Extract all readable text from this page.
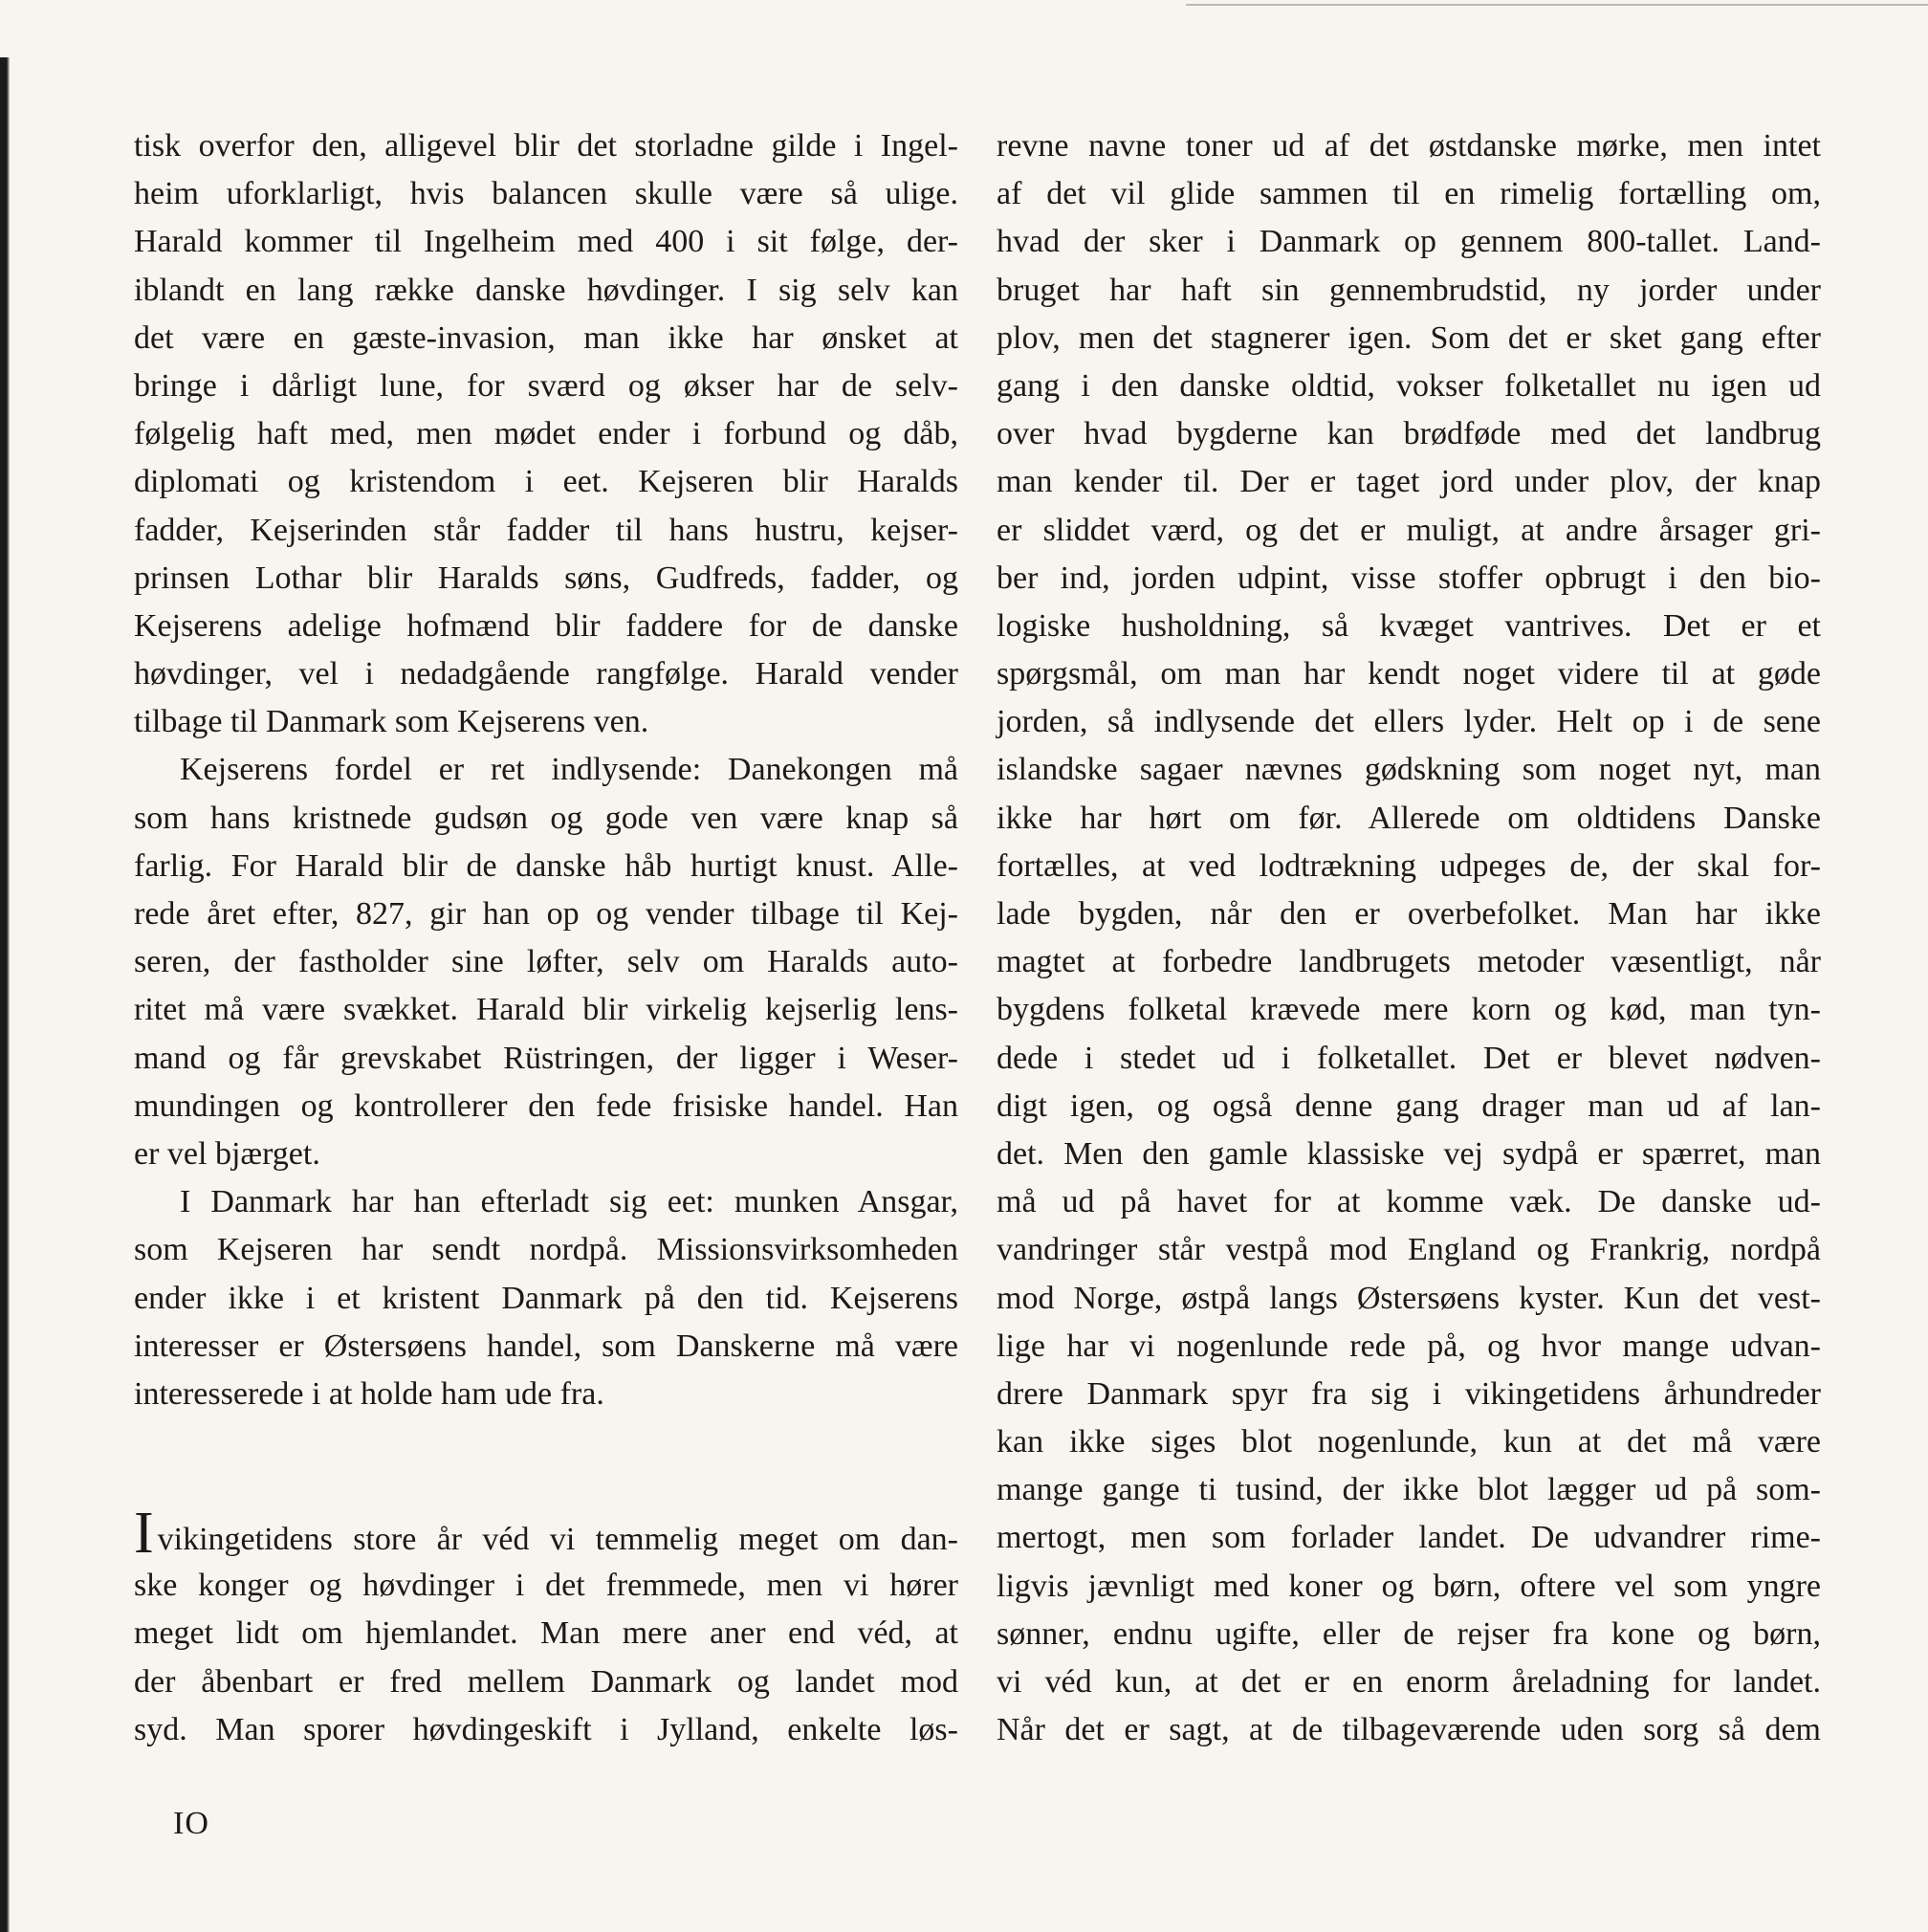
tisk overfor den, alligevel blir det storladne gilde i Ingel-
heim uforklarligt, hvis balancen skulle være så ulige.
Harald kommer til Ingelheim med 400 i sit følge, der-
iblandt en lang række danske høvdinger. I sig selv kan
det være en gæste-invasion, man ikke har ønsket at
bringe i dårligt lune, for sværd og økser har de selv-
følgelig haft med, men mødet ender i forbund og dåb,
diplomati og kristendom i eet. Kejseren blir Haralds
fadder, Kejserinden står fadder til hans hustru, kejser-
prinsen Lothar blir Haralds søns, Gudfreds, fadder, og
Kejserens adelige hofmænd blir faddere for de danske
høvdinger, vel i nedadgående rangfølge. Harald vender
tilbage til Danmark som Kejserens ven.
Kejserens fordel er ret indlysende: Danekongen må
som hans kristnede gudsøn og gode ven være knap så
farlig. For Harald blir de danske håb hurtigt knust. Alle-
rede året efter, 827, gir han op og vender tilbage til Kej-
seren, der fastholder sine løfter, selv om Haralds auto-
ritet må være svækket. Harald blir virkelig kejserlig lens-
mand og får grevskabet Rüstringen, der ligger i Weser-
mundingen og kontrollerer den fede frisiske handel. Han
er vel bjærget.
I Danmark har han efterladt sig eet: munken Ansgar,
som Kejseren har sendt nordpå. Missionsvirksomheden
ender ikke i et kristent Danmark på den tid. Kejserens
interesser er Østersøens handel, som Danskerne må være
interesserede i at holde ham ude fra.
Ivikingetidens store år véd vi temmelig meget om dan-
ske konger og høvdinger i det fremmede, men vi hører
meget lidt om hjemlandet. Man mere aner end véd, at
der åbenbart er fred mellem Danmark og landet mod
syd. Man sporer høvdingeskift i Jylland, enkelte løs-
revne navne toner ud af det østdanske mørke, men intet
af det vil glide sammen til en rimelig fortælling om,
hvad der sker i Danmark op gennem 800-tallet. Land-
bruget har haft sin gennembrudstid, ny jorder under
plov, men det stagnerer igen. Som det er sket gang efter
gang i den danske oldtid, vokser folketallet nu igen ud
over hvad bygderne kan brødføde med det landbrug
man kender til. Der er taget jord under plov, der knap
er sliddet værd, og det er muligt, at andre årsager gri-
ber ind, jorden udpint, visse stoffer opbrugt i den bio-
logiske husholdning, så kvæget vantrives. Det er et
spørgsmål, om man har kendt noget videre til at gøde
jorden, så indlysende det ellers lyder. Helt op i de sene
islandske sagaer nævnes gødskning som noget nyt, man
ikke har hørt om før. Allerede om oldtidens Danske
fortælles, at ved lodtrækning udpeges de, der skal for-
lade bygden, når den er overbefolket. Man har ikke
magtet at forbedre landbrugets metoder væsentligt, når
bygdens folketal krævede mere korn og kød, man tyn-
dede i stedet ud i folketallet. Det er blevet nødven-
digt igen, og også denne gang drager man ud af lan-
det. Men den gamle klassiske vej sydpå er spærret, man
må ud på havet for at komme væk. De danske ud-
vandringer står vestpå mod England og Frankrig, nordpå
mod Norge, østpå langs Østersøens kyster. Kun det vest-
lige har vi nogenlunde rede på, og hvor mange udvan-
drere Danmark spyr fra sig i vikingetidens århundreder
kan ikke siges blot nogenlunde, kun at det må være
mange gange ti tusind, der ikke blot lægger ud på som-
mertogt, men som forlader landet. De udvandrer rime-
ligvis jævnligt med koner og børn, oftere vel som yngre
sønner, endnu ugifte, eller de rejser fra kone og børn,
vi véd kun, at det er en enorm åreladning for landet.
Når det er sagt, at de tilbageværende uden sorg så dem
IO
